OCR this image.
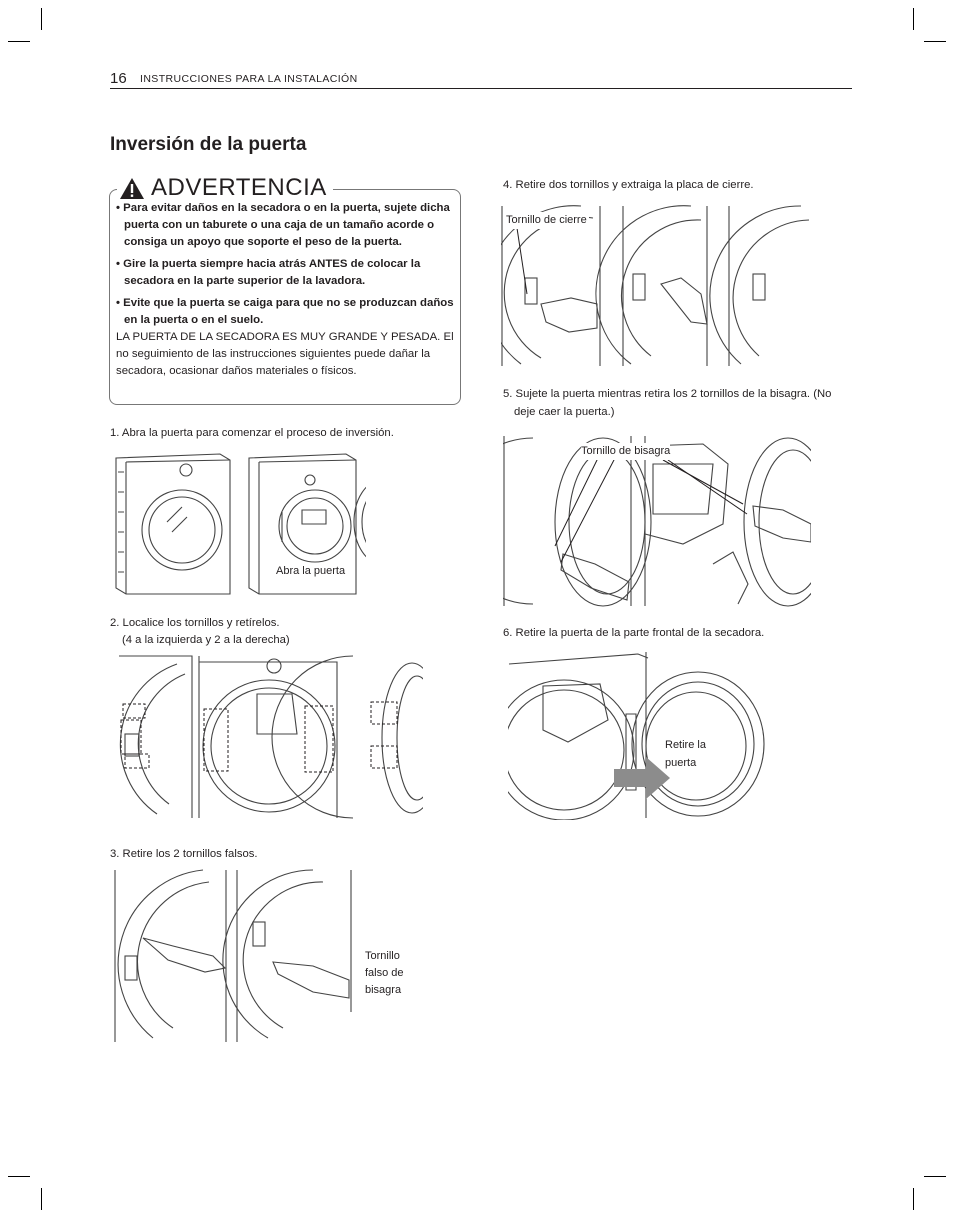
16 INSTRUCCIONES PARA LA INSTALACIÓN
Inversión de la puerta
ADVERTENCIA
• Para evitar daños en la secadora o en la puerta, sujete dicha puerta con un taburete o una caja de un tamaño acorde o consiga un apoyo que soporte el peso de la puerta.
• Gire la puerta siempre hacia atrás ANTES de colocar la secadora en la parte superior de la lavadora.
• Evite que la puerta se caiga para que no se produzcan daños en la puerta o en el suelo.

LA PUERTA DE LA SECADORA ES MUY GRANDE Y PESADA. El no seguimiento de las instrucciones siguientes puede dañar la secadora, ocasionar daños materiales o físicos.

1. Abra la puerta para comenzar el proceso de inversión.
Abra la puerta
2. Localice los tornillos y retírelos.
(4 a la izquierda y 2 a la derecha)
3. Retire los 2 tornillos falsos.
Tornillo
falso de
bisagra
4. Retire dos tornillos y extraiga la placa de cierre.
Tornillo de cierre
5. Sujete la puerta mientras retira los 2 tornillos de la bisagra. (No
deje caer la puerta.)
Tornillo de bisagra
6. Retire la puerta de la parte frontal de la secadora.
Retire la
puerta
